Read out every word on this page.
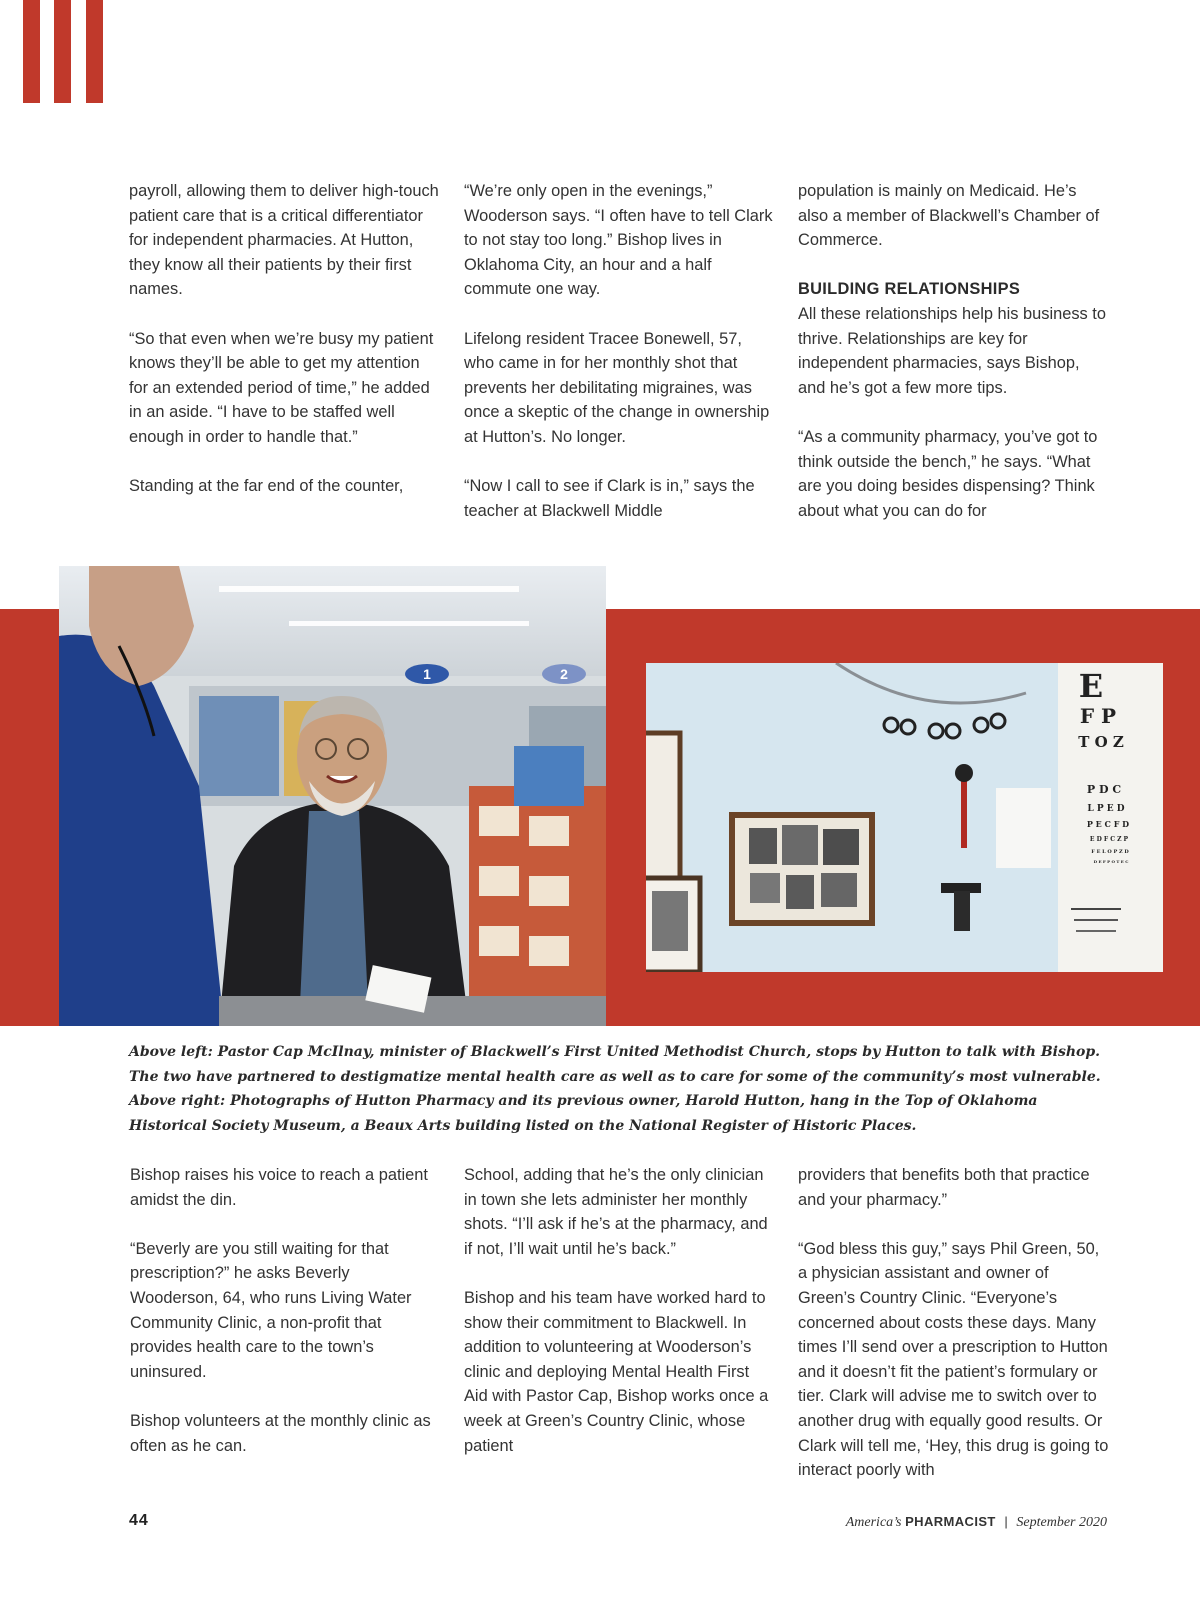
payroll, allowing them to deliver high-touch patient care that is a critical differentiator for independent pharmacies. At Hutton, they know all their patients by their first names.

“So that even when we’re busy my patient knows they’ll be able to get my attention for an extended period of time,” he added in an aside. “I have to be staffed well enough in order to handle that.”

Standing at the far end of the counter,

“We’re only open in the evenings,” Wooderson says. “I often have to tell Clark to not stay too long.” Bishop lives in Oklahoma City, an hour and a half commute one way.

Lifelong resident Tracee Bonewell, 57, who came in for her monthly shot that prevents her debilitating migraines, was once a skeptic of the change in ownership at Hutton’s. No longer.

“Now I call to see if Clark is in,” says the teacher at Blackwell Middle

population is mainly on Medicaid. He’s also a member of Blackwell’s Chamber of Commerce.

BUILDING RELATIONSHIPS

All these relationships help his business to thrive. Relationships are key for independent pharmacies, says Bishop, and he’s got a few more tips.

“As a community pharmacy, you’ve got to think outside the bench,” he says. “What are you doing besides dispensing? Think about what you can do for

1	2	E
F P
T O Z
P D C
L P E D
P E C F D
E D F C Z P
F E L O P Z D
D E F P O T E C
Above left: Pastor Cap McIlnay, minister of Blackwell’s First United Methodist Church, stops by Hutton to talk with Bishop. The two have partnered to destigmatize mental health care as well as to care for some of the community’s most vulnerable. Above right: Photographs of Hutton Pharmacy and its previous owner, Harold Hutton, hang in the Top of Oklahoma Historical Society Museum, a Beaux Arts building listed on the National Register of Historic Places.

Bishop raises his voice to reach a patient amidst the din.

“Beverly are you still waiting for that prescription?” he asks Beverly Wooderson, 64, who runs Living Water Community Clinic, a non-profit that provides health care to the town’s uninsured.

Bishop volunteers at the monthly clinic as often as he can.

School, adding that he’s the only clinician in town she lets administer her monthly shots. “I’ll ask if he’s at the pharmacy, and if not, I’ll wait until he’s back.”

Bishop and his team have worked hard to show their commitment to Blackwell. In addition to volunteering at Wooderson’s clinic and deploying Mental Health First Aid with Pastor Cap, Bishop works once a week at Green’s Country Clinic, whose patient

providers that benefits both that practice and your pharmacy.”

“God bless this guy,” says Phil Green, 50, a physician assistant and owner of Green’s Country Clinic. “Everyone’s concerned about costs these days. Many times I’ll send over a prescription to Hutton and it doesn’t fit the patient’s formulary or tier. Clark will advise me to switch over to another drug with equally good results. Or Clark will tell me, ‘Hey, this drug is going to interact poorly with

44	America’s PHARMACIST | September 2020
